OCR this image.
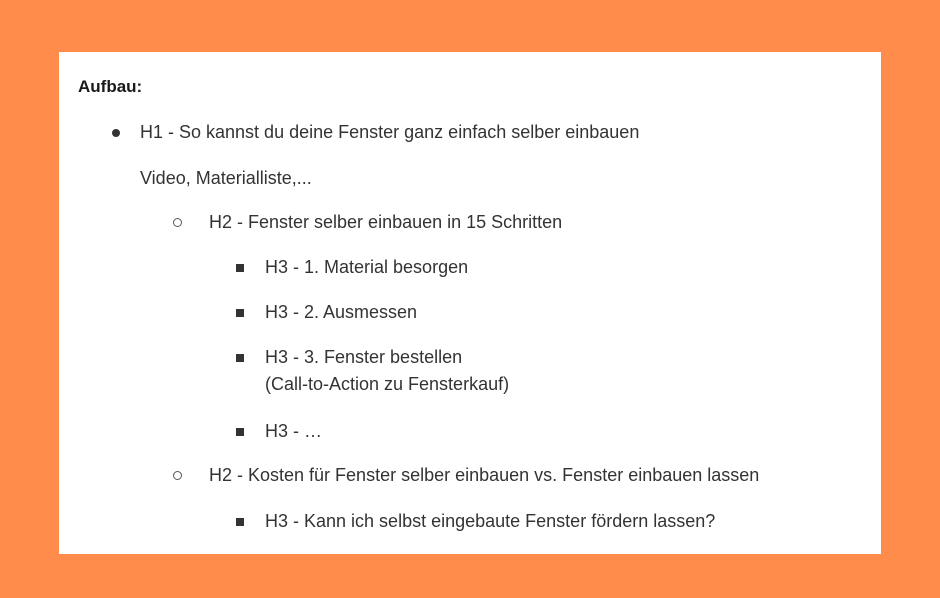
Aufbau:
H1 - So kannst du deine Fenster ganz einfach selber einbauen
Video, Materialliste,...
H2 - Fenster selber einbauen in 15 Schritten
H3 - 1. Material besorgen
H3 - 2. Ausmessen
H3 - 3. Fenster bestellen
(Call-to-Action zu Fensterkauf)
H3 - …
H2 - Kosten für Fenster selber einbauen vs. Fenster einbauen lassen
H3 - Kann ich selbst eingebaute Fenster fördern lassen?
